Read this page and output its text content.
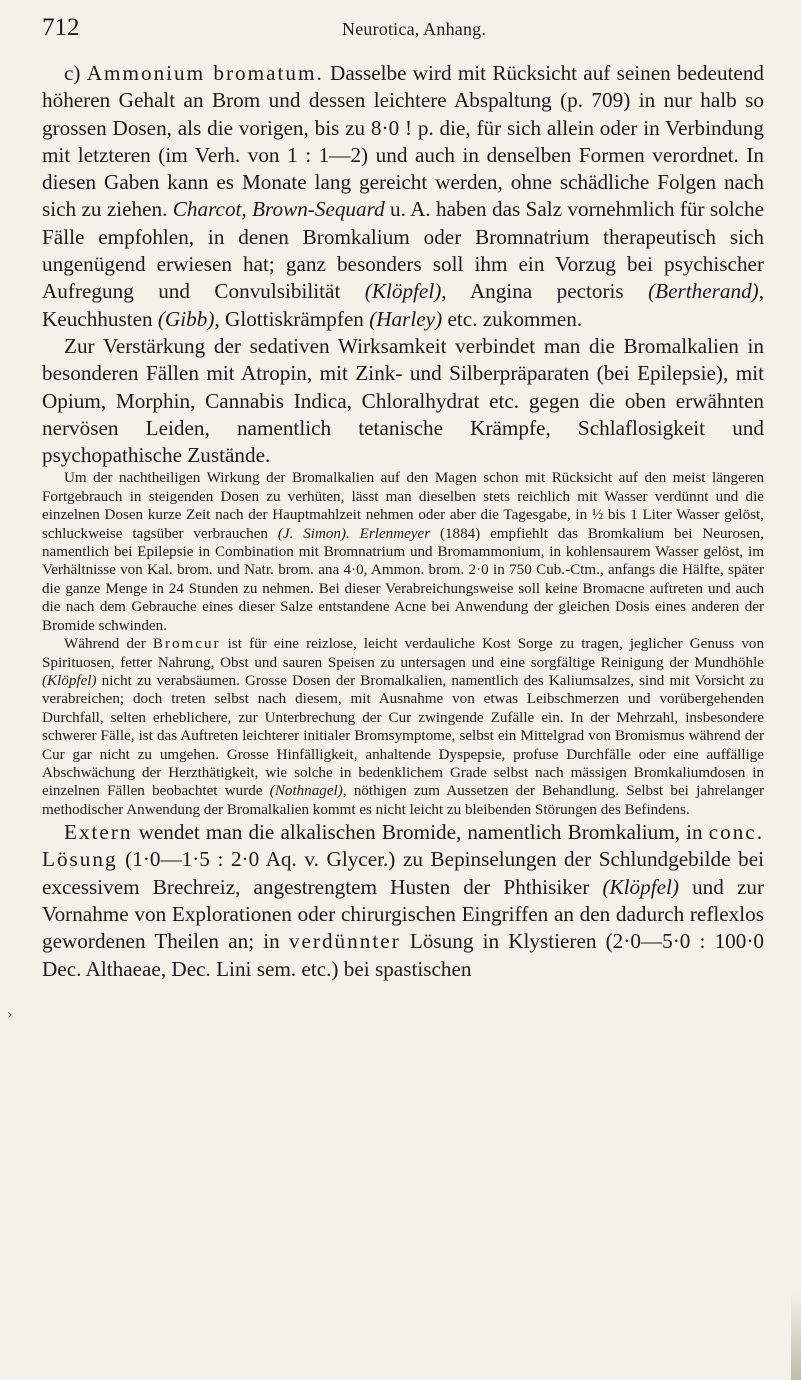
712	Neurotica, Anhang.

c) Ammonium bromatum. Dasselbe wird mit Rücksicht auf seinen bedeutend höheren Gehalt an Brom und dessen leichtere Abspaltung (p. 709) in nur halb so grossen Dosen, als die vorigen, bis zu 8·0 ! p. die, für sich allein oder in Verbindung mit letzteren (im Verh. von 1 : 1—2) und auch in denselben Formen verordnet. In diesen Gaben kann es Monate lang gereicht werden, ohne schädliche Folgen nach sich zu ziehen. Charcot, Brown-Sequard u. A. haben das Salz vornehmlich für solche Fälle empfohlen, in denen Bromkalium oder Bromnatrium therapeutisch sich ungenügend erwiesen hat; ganz besonders soll ihm ein Vorzug bei psychischer Aufregung und Convulsibilität (Klöpfel), Angina pectoris (Bertherand), Keuchhusten (Gibb), Glottiskrämpfen (Harley) etc. zukommen.

Zur Verstärkung der sedativen Wirksamkeit verbindet man die Bromalkalien in besonderen Fällen mit Atropin, mit Zink- und Silberpräparaten (bei Epilepsie), mit Opium, Morphin, Cannabis Indica, Chloralhydrat etc. gegen die oben erwähnten nervösen Leiden, namentlich tetanische Krämpfe, Schlaflosigkeit und psychopathische Zustände.

Um der nachtheiligen Wirkung der Bromalkalien auf den Magen schon mit Rücksicht auf den meist längeren Fortgebrauch in steigenden Dosen zu verhüten, lässt man dieselben stets reichlich mit Wasser verdünnt und die einzelnen Dosen kurze Zeit nach der Hauptmahlzeit nehmen oder aber die Tagesgabe, in ½ bis 1 Liter Wasser gelöst, schluckweise tagsüber verbrauchen (J. Simon). Erlenmeyer (1884) empfiehlt das Bromkalium bei Neurosen, namentlich bei Epilepsie in Combination mit Bromnatrium und Bromammonium, in kohlensaurem Wasser gelöst, im Verhältnisse von Kal. brom. und Natr. brom. ana 4·0, Ammon. brom. 2·0 in 750 Cub.-Ctm., anfangs die Hälfte, später die ganze Menge in 24 Stunden zu nehmen. Bei dieser Verabreichungsweise soll keine Bromacne auftreten und auch die nach dem Gebrauche eines dieser Salze entstandene Acne bei Anwendung der gleichen Dosis eines anderen der Bromide schwinden.

Während der Bromcur ist für eine reizlose, leicht verdauliche Kost Sorge zu tragen, jeglicher Genuss von Spirituosen, fetter Nahrung, Obst und sauren Speisen zu untersagen und eine sorgfältige Reinigung der Mundhöhle (Klöpfel) nicht zu verabsäumen. Grosse Dosen der Bromalkalien, namentlich des Kaliumsalzes, sind mit Vorsicht zu verabreichen; doch treten selbst nach diesem, mit Ausnahme von etwas Leibschmerzen und vorübergehenden Durchfall, selten erheblichere, zur Unterbrechung der Cur zwingende Zufälle ein. In der Mehrzahl, insbesondere schwerer Fälle, ist das Auftreten leichterer initialer Bromsymptome, selbst ein Mittelgrad von Bromismus während der Cur gar nicht zu umgehen. Grosse Hinfälligkeit, anhaltende Dyspepsie, profuse Durchfälle oder eine auffällige Abschwächung der Herzthätigkeit, wie solche in bedenklichem Grade selbst nach mässigen Bromkaliumdosen in einzelnen Fällen beobachtet wurde (Nothnagel), nöthigen zum Aussetzen der Behandlung. Selbst bei jahrelanger methodischer Anwendung der Bromalkalien kommt es nicht leicht zu bleibenden Störungen des Befindens.

Extern wendet man die alkalischen Bromide, namentlich Bromkalium, in conc. Lösung (1·0—1·5 : 2·0 Aq. v. Glycer.) zu Bepinselungen der Schlundgebilde bei excessivem Brechreiz, angestrengtem Husten der Phthisiker (Klöpfel) und zur Vornahme von Explorationen oder chirurgischen Eingriffen an den dadurch reflexlos gewordenen Theilen an; in verdünnter Lösung in Klystieren (2·0—5·0 : 100·0 Dec. Althaeae, Dec. Lini sem. etc.) bei spastischen

›
